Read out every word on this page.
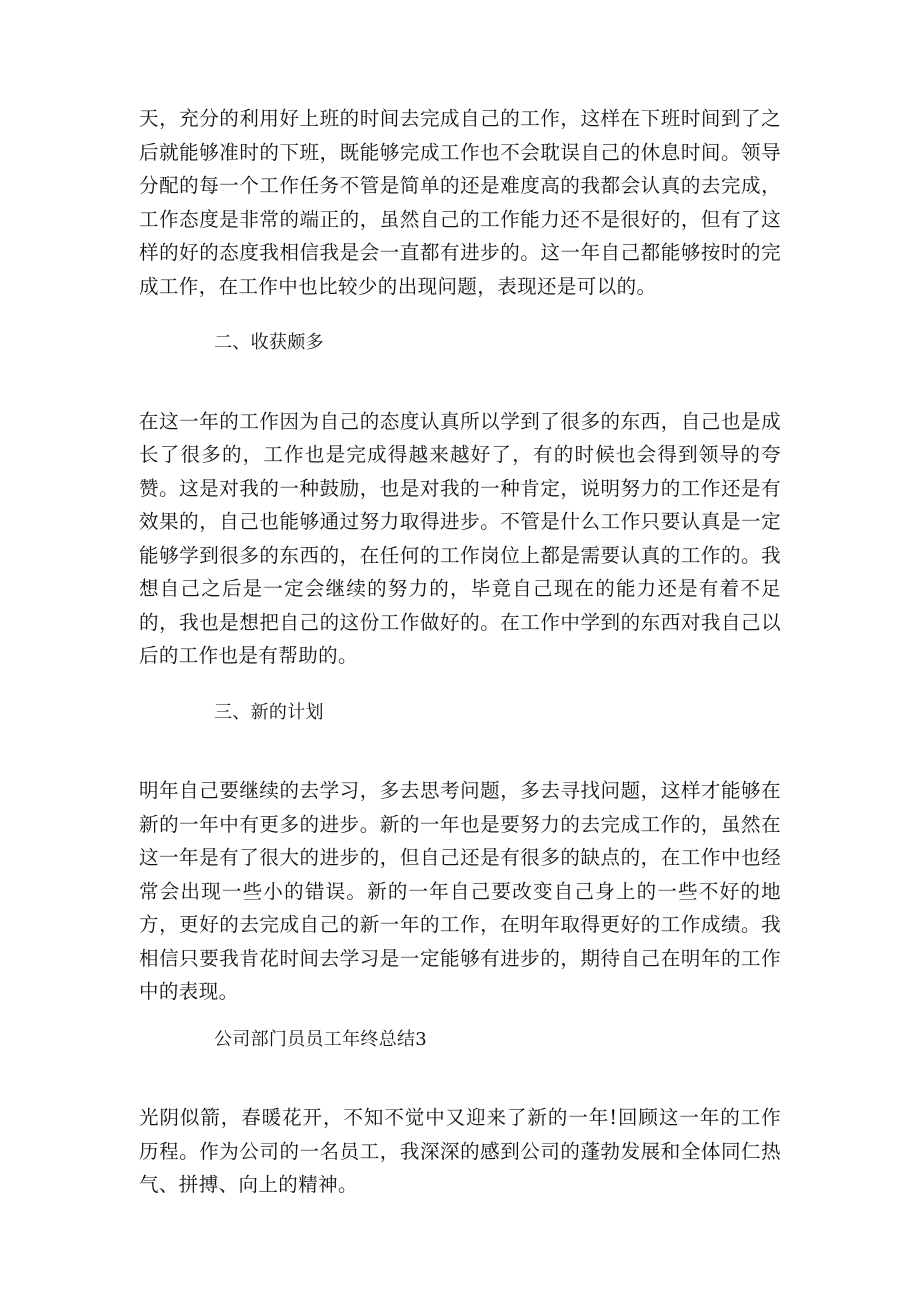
天，充分的利用好上班的时间去完成自己的工作，这样在下班时间到了之后就能够准时的下班，既能够完成工作也不会耽误自己的休息时间。领导分配的每一个工作任务不管是简单的还是难度高的我都会认真的去完成，工作态度是非常的端正的，虽然自己的工作能力还不是很好的，但有了这样的好的态度我相信我是会一直都有进步的。这一年自己都能够按时的完成工作，在工作中也比较少的出现问题，表现还是可以的。

二、收获颇多

在这一年的工作因为自己的态度认真所以学到了很多的东西，自己也是成长了很多的，工作也是完成得越来越好了，有的时候也会得到领导的夸赞。这是对我的一种鼓励，也是对我的一种肯定，说明努力的工作还是有效果的，自己也能够通过努力取得进步。不管是什么工作只要认真是一定能够学到很多的东西的，在任何的工作岗位上都是需要认真的工作的。我想自己之后是一定会继续的努力的，毕竟自己现在的能力还是有着不足的，我也是想把自己的这份工作做好的。在工作中学到的东西对我自己以后的工作也是有帮助的。

三、新的计划

明年自己要继续的去学习，多去思考问题，多去寻找问题，这样才能够在新的一年中有更多的进步。新的一年也是要努力的去完成工作的，虽然在这一年是有了很大的进步的，但自己还是有很多的缺点的，在工作中也经常会出现一些小的错误。新的一年自己要改变自己身上的一些不好的地方，更好的去完成自己的新一年的工作，在明年取得更好的工作成绩。我相信只要我肯花时间去学习是一定能够有进步的，期待自己在明年的工作中的表现。

公司部门员员工年终总结3

光阴似箭，春暖花开，不知不觉中又迎来了新的一年!回顾这一年的工作历程。作为公司的一名员工，我深深的感到公司的蓬勃发展和全体同仁热气、拼搏、向上的精神。
